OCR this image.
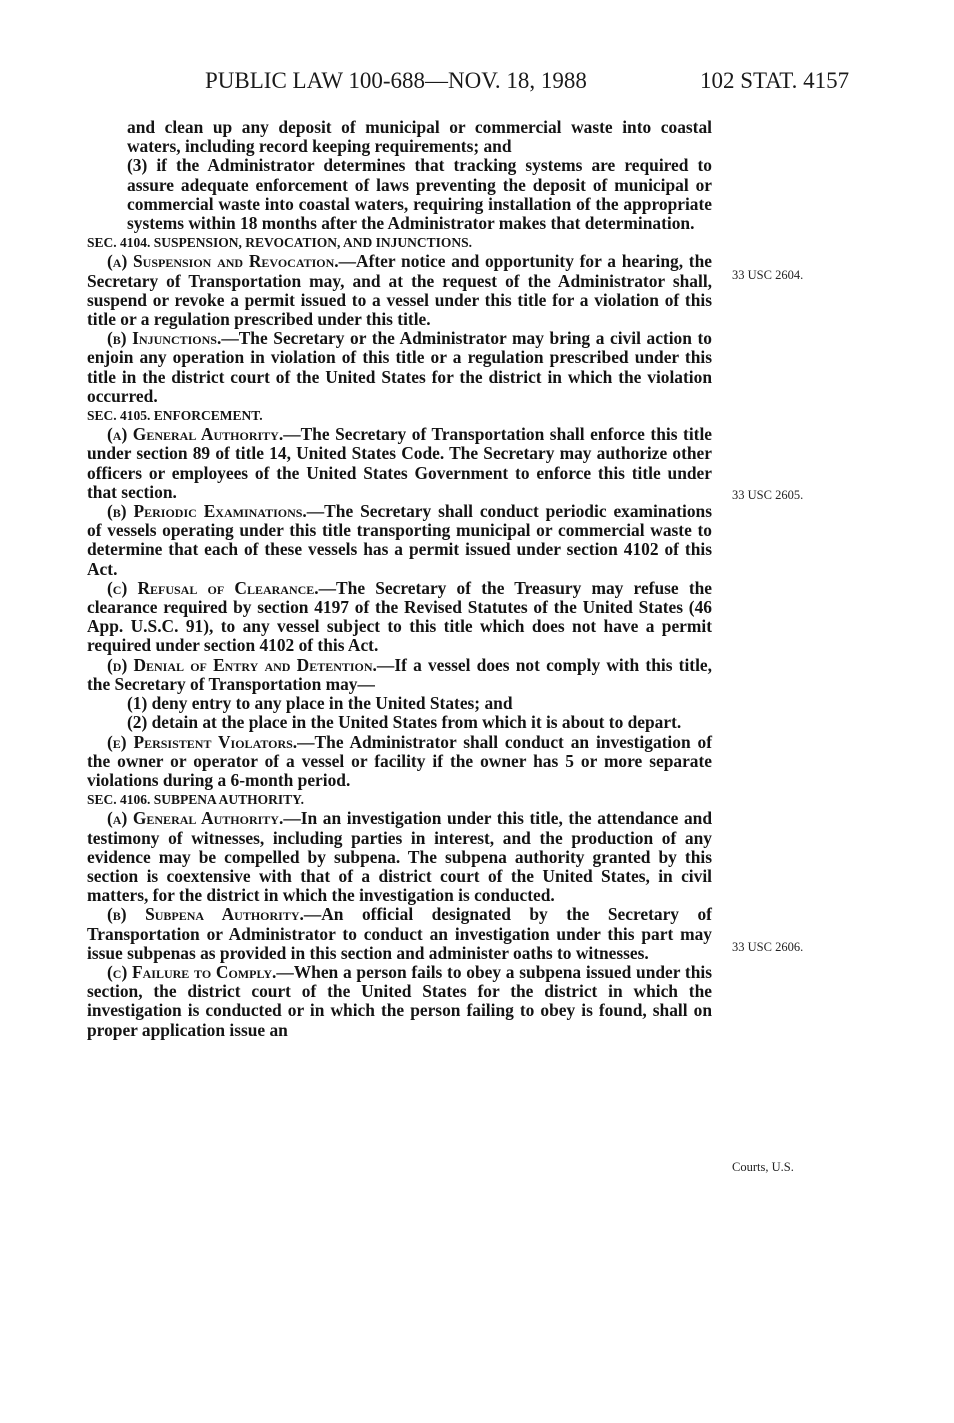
PUBLIC LAW 100-688—NOV. 18, 1988	102 STAT. 4157

and clean up any deposit of municipal or commercial waste into coastal waters, including record keeping requirements; and

(3) if the Administrator determines that tracking systems are required to assure adequate enforcement of laws preventing the deposit of municipal or commercial waste into coastal waters, requiring installation of the appropriate systems within 18 months after the Administrator makes that determination.

SEC. 4104. SUSPENSION, REVOCATION, AND INJUNCTIONS.

(a) Suspension and Revocation.—After notice and opportunity for a hearing, the Secretary of Transportation may, and at the request of the Administrator shall, suspend or revoke a permit issued to a vessel under this title for a violation of this title or a regulation prescribed under this title.

(b) Injunctions.—The Secretary or the Administrator may bring a civil action to enjoin any operation in violation of this title or a regulation prescribed under this title in the district court of the United States for the district in which the violation occurred.

SEC. 4105. ENFORCEMENT.

(a) General Authority.—The Secretary of Transportation shall enforce this title under section 89 of title 14, United States Code. The Secretary may authorize other officers or employees of the United States Government to enforce this title under that section.

(b) Periodic Examinations.—The Secretary shall conduct periodic examinations of vessels operating under this title transporting municipal or commercial waste to determine that each of these vessels has a permit issued under section 4102 of this Act.

(c) Refusal of Clearance.—The Secretary of the Treasury may refuse the clearance required by section 4197 of the Revised Statutes of the United States (46 App. U.S.C. 91), to any vessel subject to this title which does not have a permit required under section 4102 of this Act.

(d) Denial of Entry and Detention.—If a vessel does not comply with this title, the Secretary of Transportation may—

(1) deny entry to any place in the United States; and

(2) detain at the place in the United States from which it is about to depart.

(e) Persistent Violators.—The Administrator shall conduct an investigation of the owner or operator of a vessel or facility if the owner has 5 or more separate violations during a 6-month period.

SEC. 4106. SUBPENA AUTHORITY.

(a) General Authority.—In an investigation under this title, the attendance and testimony of witnesses, including parties in interest, and the production of any evidence may be compelled by subpena. The subpena authority granted by this section is coextensive with that of a district court of the United States, in civil matters, for the district in which the investigation is conducted.

(b) Subpena Authority.—An official designated by the Secretary of Transportation or Administrator to conduct an investigation under this part may issue subpenas as provided in this section and administer oaths to witnesses.

(c) Failure to Comply.—When a person fails to obey a subpena issued under this section, the district court of the United States for the district in which the investigation is conducted or in which the person failing to obey is found, shall on proper application issue an

33 USC 2604.
33 USC 2605.
33 USC 2606.
Courts, U.S.
